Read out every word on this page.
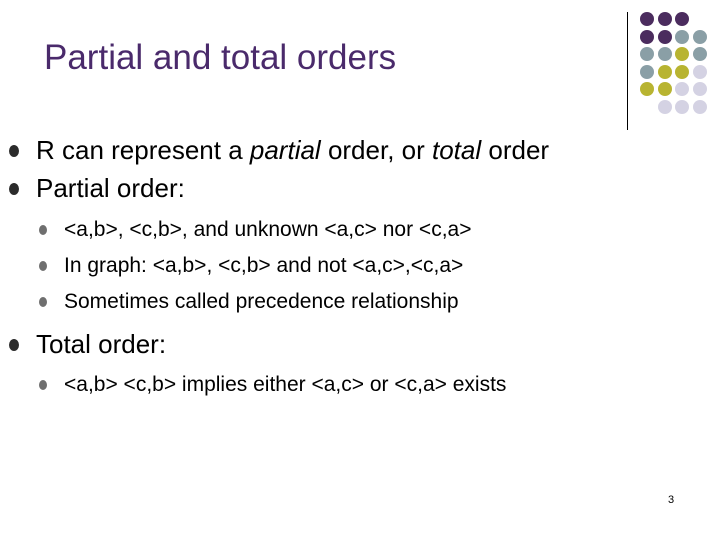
Partial and total orders
R can represent a partial order, or total order
Partial order:
<a,b>, <c,b>, and unknown <a,c> nor <c,a>
In graph: <a,b>, <c,b> and not <a,c>,<c,a>
Sometimes called precedence relationship
Total order:
<a,b> <c,b> implies either <a,c> or <c,a> exists
3
